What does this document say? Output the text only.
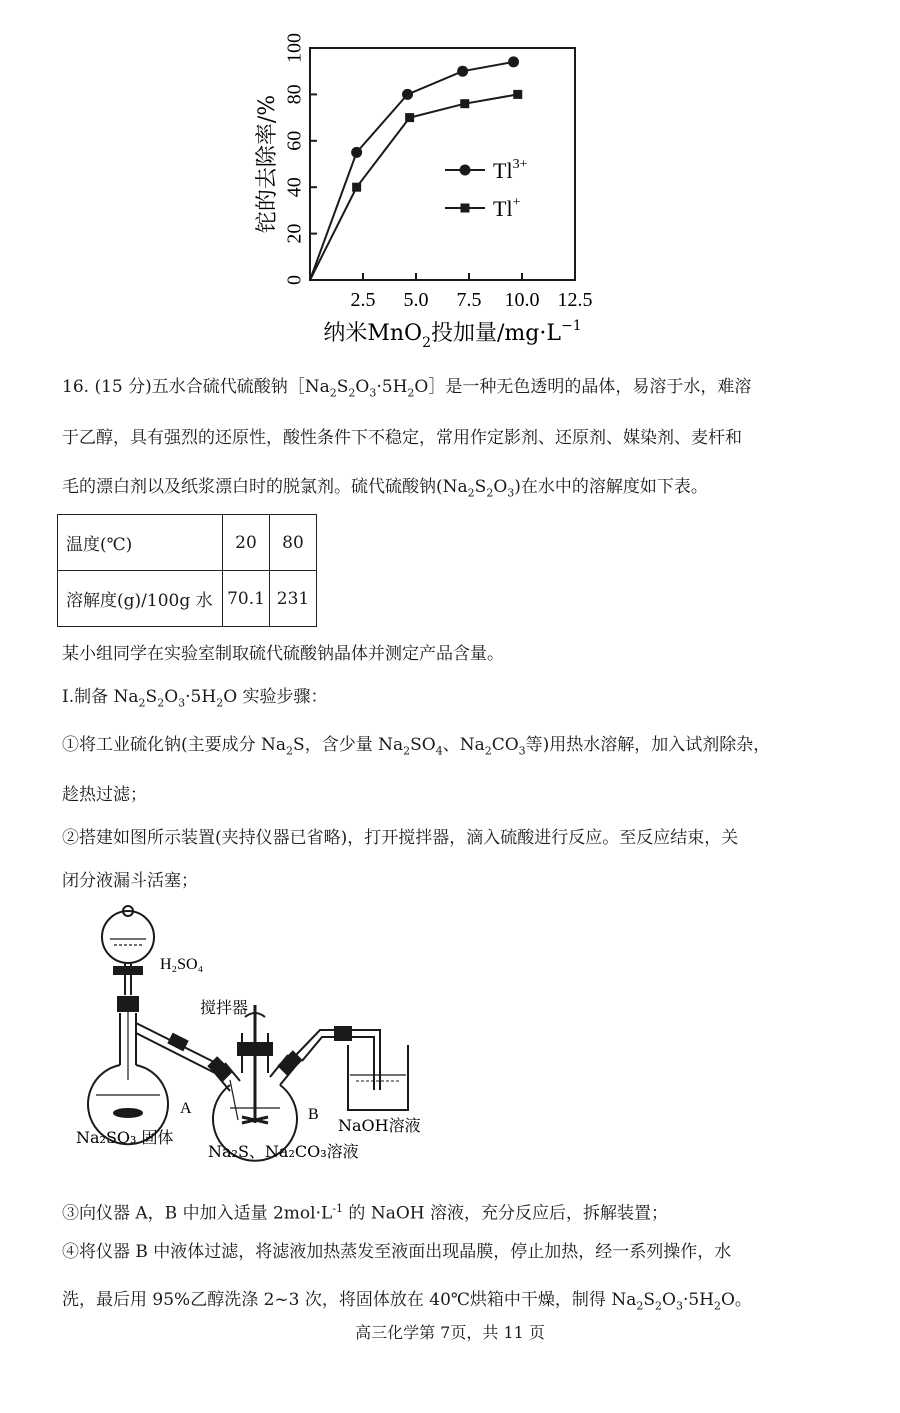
0
20
40
60
80
100
2.5 5.0 7.5 10.0 12.5
铊的去除率/%
纳米MnO$_2$投加量$/mg\cdot L^{-1}$
$Tl^{3+}$
Tl+
16. (15 分)五水合硫代硫酸钠$[Na_2S_2O_3\cdot 5H_2O]$是一种无色透明的晶体，易溶于水，难溶
于乙醇，具有强烈的还原性，酸性条件下不稳定，常用作定影剂、还原剂、媒染剂、麦杆和
毛的漂白剂以及纸浆漂白时的脱氯剂。硫代硫酸钠$(Na_2S_2O_3)$在水中的溶解度如下表。
温度(℃)	20	80
溶解度(g)/100g 水	70.1	231
某小组同学在实验室制取硫代硫酸钠晶体并测定产品含量。
I.制备 $Na_2S_2O_3\cdot 5H_2O$ 实验步骤：
①将工业硫化钠(主要成分 $Na_2S$，含少量 $Na_2SO_4$、$Na_2CO_3$等)用热水溶解，加入试剂除杂，
趁热过滤；
②搭建如图所示装置(夹持仪器已省略)，打开搅拌器，滴入硫酸进行反应。至反应结束，关
闭分液漏斗活塞；
H₂SO₄
搅拌器
A	B
NaOH溶液
Na₂SO₃ 固体
Na₂S、Na₂CO₃溶液
③向仪器 A，B 中加入适量 $2mol\cdot L^{-1}$ 的 NaOH 溶液，充分反应后，拆解装置；
④将仪器 B 中液体过滤，将滤液加热蒸发至液面出现晶膜，停止加热，经一系列操作，水
洗，最后用 95%乙醇洗涤 2~3 次，将固体放在 40℃烘箱中干燥，制得 $Na_2S_2O_3\cdot 5H_2O$。
高三化学第 7页，共 11 页
